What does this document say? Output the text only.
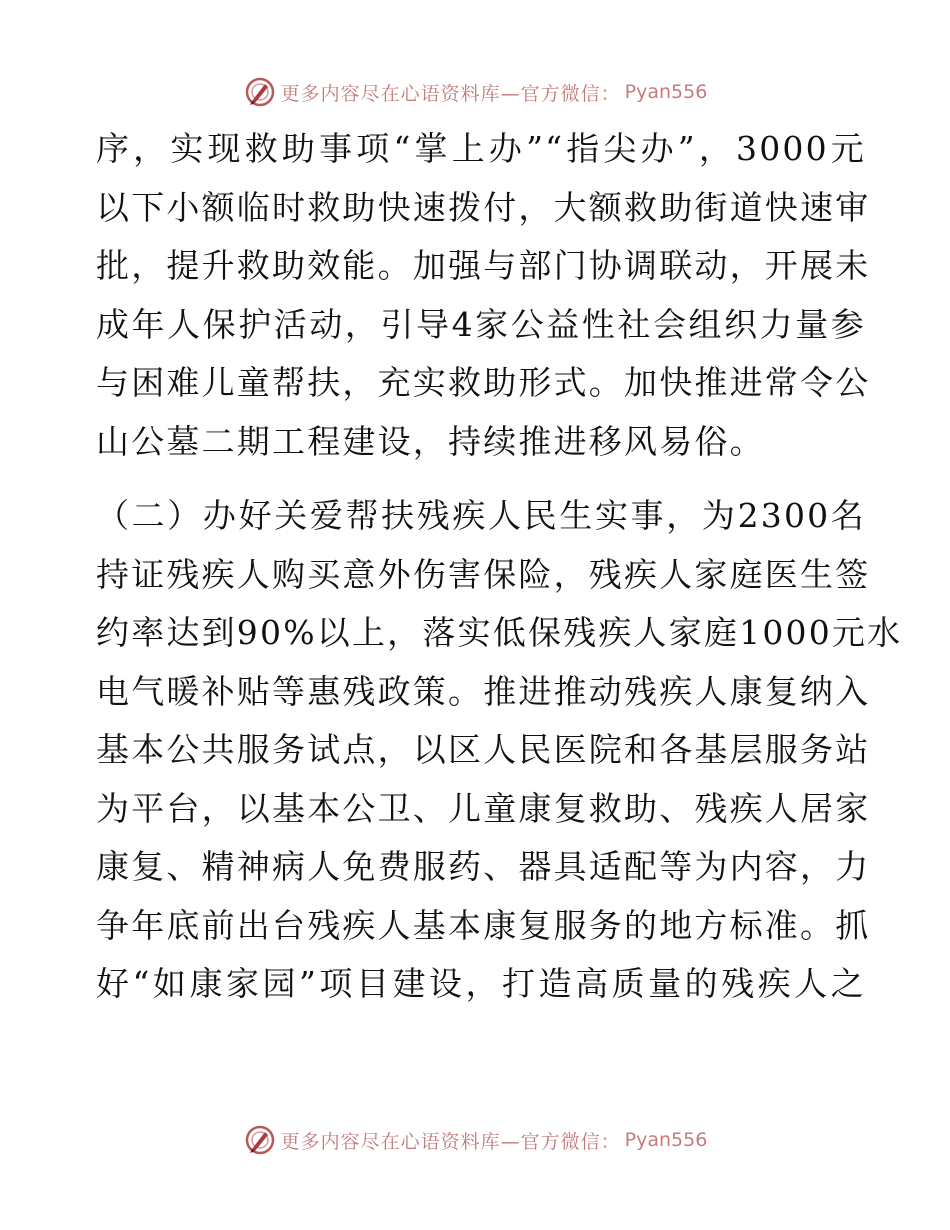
更多内容尽在心语资料库—官方微信： Pyan556
序，实现救助事项“掌上办”“指尖办”，3000元
以下小额临时救助快速拨付，大额救助街道快速审
批，提升救助效能。加强与部门协调联动，开展未
成年人保护活动，引导4家公益性社会组织力量参
与困难儿童帮扶，充实救助形式。加快推进常令公
山公墓二期工程建设，持续推进移风易俗。
（二）办好关爱帮扶残疾人民生实事，为2300名
持证残疾人购买意外伤害保险，残疾人家庭医生签
约率达到90%以上，落实低保残疾人家庭1000元水
电气暖补贴等惠残政策。推进推动残疾人康复纳入
基本公共服务试点，以区人民医院和各基层服务站
为平台，以基本公卫、儿童康复救助、残疾人居家
康复、精神病人免费服药、器具适配等为内容，力
争年底前出台残疾人基本康复服务的地方标准。抓
好“如康家园”项目建设，打造高质量的残疾人之
更多内容尽在心语资料库—官方微信： Pyan556
